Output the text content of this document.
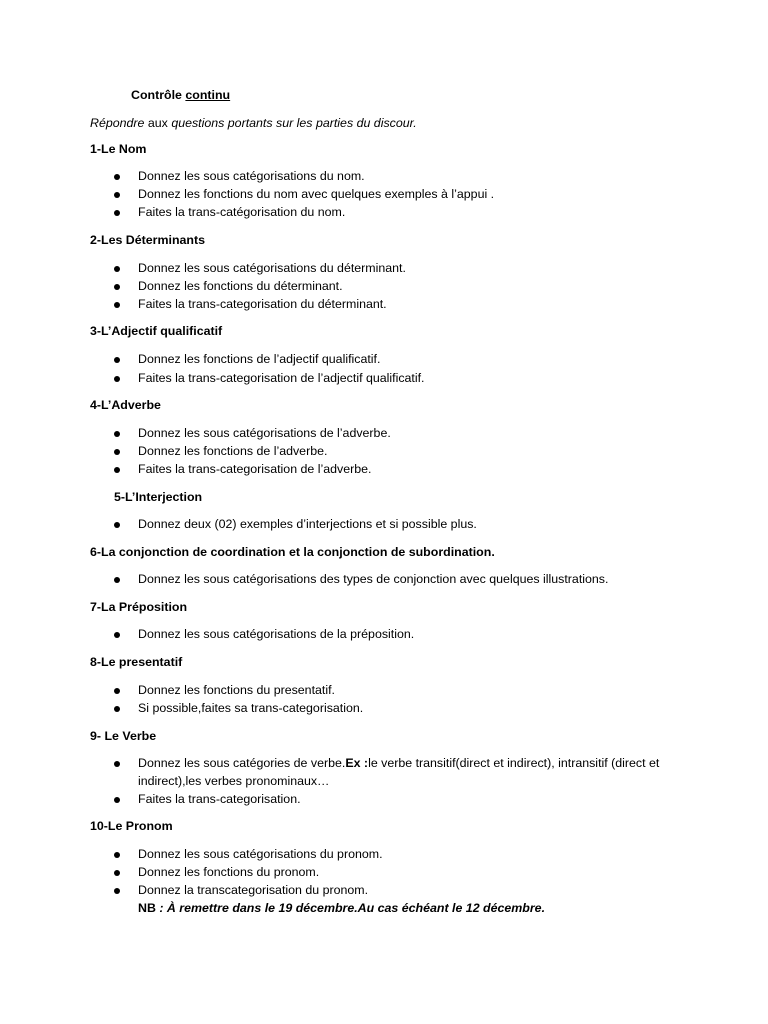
Contrôle continu
Répondre aux questions portants sur les parties du discour.
1-Le Nom
Donnez les sous catégorisations du nom.
Donnez les fonctions du nom avec quelques exemples à l’appui .
Faites la trans-catégorisation du nom.
2-Les Déterminants
Donnez les sous catégorisations du déterminant.
Donnez les fonctions du déterminant.
Faites la trans-categorisation du déterminant.
3-L’Adjectif qualificatif
Donnez les fonctions de l’adjectif qualificatif.
Faites la trans-categorisation de l’adjectif qualificatif.
4-L’Adverbe
Donnez les sous catégorisations de l’adverbe.
Donnez les fonctions de l’adverbe.
Faites la trans-categorisation de l’adverbe.
5-L’Interjection
Donnez deux (02) exemples d’interjections et si possible plus.
6-La conjonction de coordination et la conjonction de subordination.
Donnez les sous catégorisations des types de conjonction avec quelques illustrations.
7-La Préposition
Donnez les sous catégorisations de la préposition.
8-Le presentatif
Donnez les fonctions du presentatif.
Si possible,faites sa trans-categorisation.
9- Le Verbe
Donnez les sous catégories de verbe.Ex :le verbe transitif(direct et indirect), intransitif (direct et indirect),les verbes pronominaux…
Faites la trans-categorisation.
10-Le Pronom
Donnez les sous catégorisations du pronom.
Donnez les fonctions du pronom.
Donnez la transcategorisation du pronom.
NB : À remettre dans le 19 décembre.Au cas échéant le 12 décembre.
